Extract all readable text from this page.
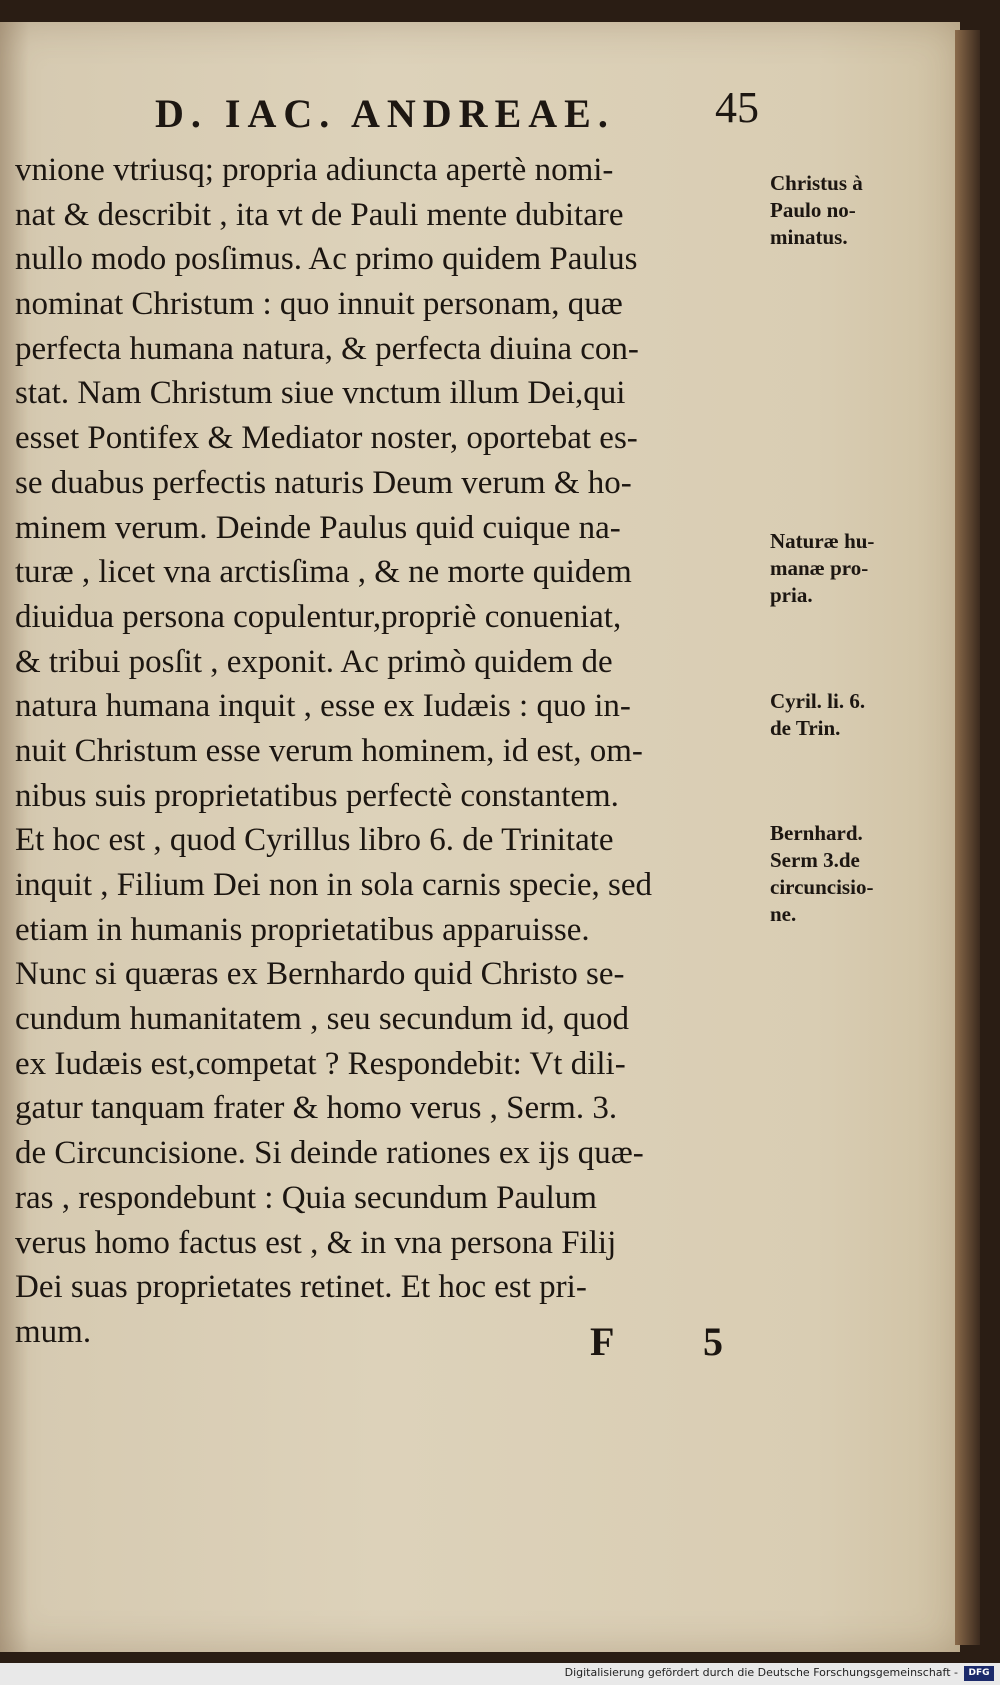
D. IAC. ANDREAE. 45
vnione vtriusq; propria adiuncta apertè nomi-
nat & describit , ita vt de Pauli mente dubitare
nullo modo posſimus. Ac primo quidem Paulus
nominat Christum : quo innuit personam, quæ
perfecta humana natura, & perfecta diuina con-
stat. Nam Christum siue vnctum illum Dei,qui
esset Pontifex & Mediator noster, oportebat es-
se duabus perfectis naturis Deum verum & ho-
minem verum. Deinde Paulus quid cuique na-
turæ , licet vna arctisſima , & ne morte quidem
diuidua persona copulentur,propriè conueniat,
& tribui posſit , exponit. Ac primò quidem de
natura humana inquit , esse ex Iudæis : quo in-
nuit Christum esse verum hominem, id est, om-
nibus suis proprietatibus perfectè constantem.
Et hoc est , quod Cyrillus libro 6. de Trinitate
inquit , Filium Dei non in sola carnis specie, sed
etiam in humanis proprietatibus apparuisse.
Nunc si quæras ex Bernhardo quid Christo se-
cundum humanitatem , seu secundum id, quod
ex Iudæis est,competat ? Respondebit: Vt dili-
gatur tanquam frater & homo verus , Serm. 3.
de Circuncisione. Si deinde rationes ex ijs quæ-
ras , respondebunt : Quia secundum Paulum
verus homo factus est , & in vna persona Filij
Dei suas proprietates retinet. Et hoc est pri-
mum.
Christus à
Paulo no-
minatus.
Naturæ hu-
manæ pro-
pria.
Cyril. li. 6.
de Trin.
Bernhard.
Serm 3.de
circuncisio-
ne.
F 5
Digitalisierung gefördert durch die Deutsche Forschungsgemeinschaft -	DFG
